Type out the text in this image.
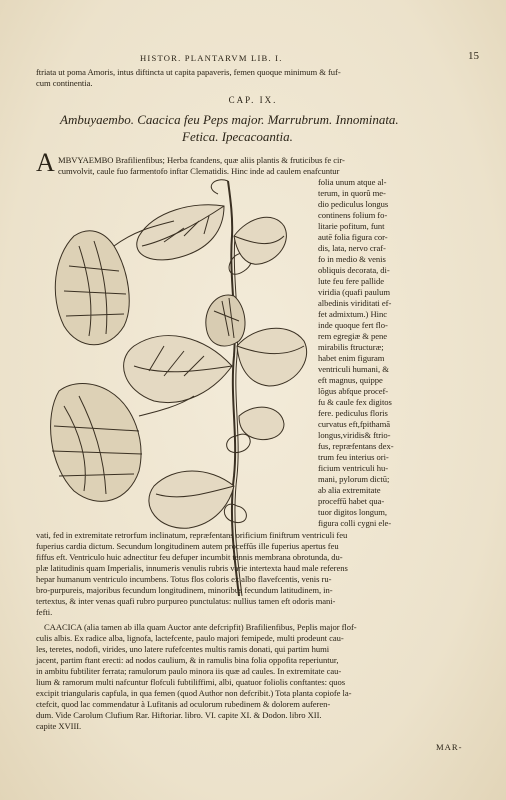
HISTOR. PLANTARVM LIB. I.	15
ftriata ut poma Amoris, intus diftincta ut capita papaveris, femen quoque minimum & fuf-
cum continentia.
CAP. IX.
Ambuyaembo. Caacica feu Peps major. Marrubrum. Innominata.
Fetica. Ipecacoantia.
A MBVYAEMBO Brafilienfibus; Herba fcandens, quæ aliis plantis & fruticibus fe cir-
cumvolvit, caule fuo farmentofo inftar Clematidis. Hinc inde ad caulem enafcuntur
folia unum atque al-
terum, in quorû me-
dio pediculus longus
continens folium fo-
litarie pofitum, funt
autē folia figura cor-
dis, lata, nervo craf-
fo in medio & venis
obliquis decorata, di-
lute feu fere pallide
viridia (quafi paulum
albedinis viriditati ef-
fet admixtum.) Hinc
inde quoque fert flo-
rem egregiæ & pene
mirabilis ftructuræ;
habet enim figuram
ventriculi humani, &
eft magnus, quippe
lõgus abfque procef-
fu & caule fex digitos
fere. pediculus floris
curvatus eft,fpithamā
longus,viridis& ftrio-
fus, repræfentans dex-
trum feu interius ori-
ficium ventriculi hu-
mani, pylorum dictū;
ab alia extremitate
proceffū habet qua-
tuor digitos longum,
figura colli cygni ele-
vati, fed in extremitate retrorfum inclinatum, repræfentans orificium finiftrum ventriculi feu
fuperius cardia dictum. Secundum longitudinem autem proceffūs ille fuperius apertus feu
fiffus eft. Ventriculo huic adnectitur feu defuper incumbit tennis membrana obrotunda, du-
plæ latitudinis quam Imperialis, innumeris venulis rubris varie intertexta haud male referens
hepar humanum ventriculo incumbens. Totus flos coloris ex albo flavefcentis, venis ru-
bro-purpureis, majoribus fecundum longitudinem, minoribus fecundum latitudinem, in-
tertextus, & inter venas quafi rubro purpureo punctulatus: nullius tamen eft odoris mani-
fefti.
CAACICA (alia tamen ab illa quam Auctor ante defcripfit) Brafilienfibus, Peplis major flof-
culis albis. Ex radice alba, lignofa, lactefcente, paulo majori femipede, multi prodeunt cau-
les, teretes, nodofi, virides, uno latere rufefcentes multis ramis donati, qui partim humi
jacent, partim ftant erecti: ad nodos caulium, & in ramulis bina folia oppofita reperiuntur,
in ambitu fubtiliter ferrata; ramulorum paulo minora iis quæ ad caules. In extremitate cau-
lium & ramorum multi nafcuntur flofculi fubtiliffimi, albi, quatuor foliolis conftantes: quos
excipit triangularis capfula, in qua femen (quod Author non defcribit.) Tota planta copiofe la-
ctefcit, quod lac commendatur à Lufitanis ad oculorum rubedinem & dolorem auferen-
dum. Vide Carolum Clufium Rar. Hiftoriar. libro. VI. capite XI. & Dodon. libro XII.
capite XVIII.
MAR-
